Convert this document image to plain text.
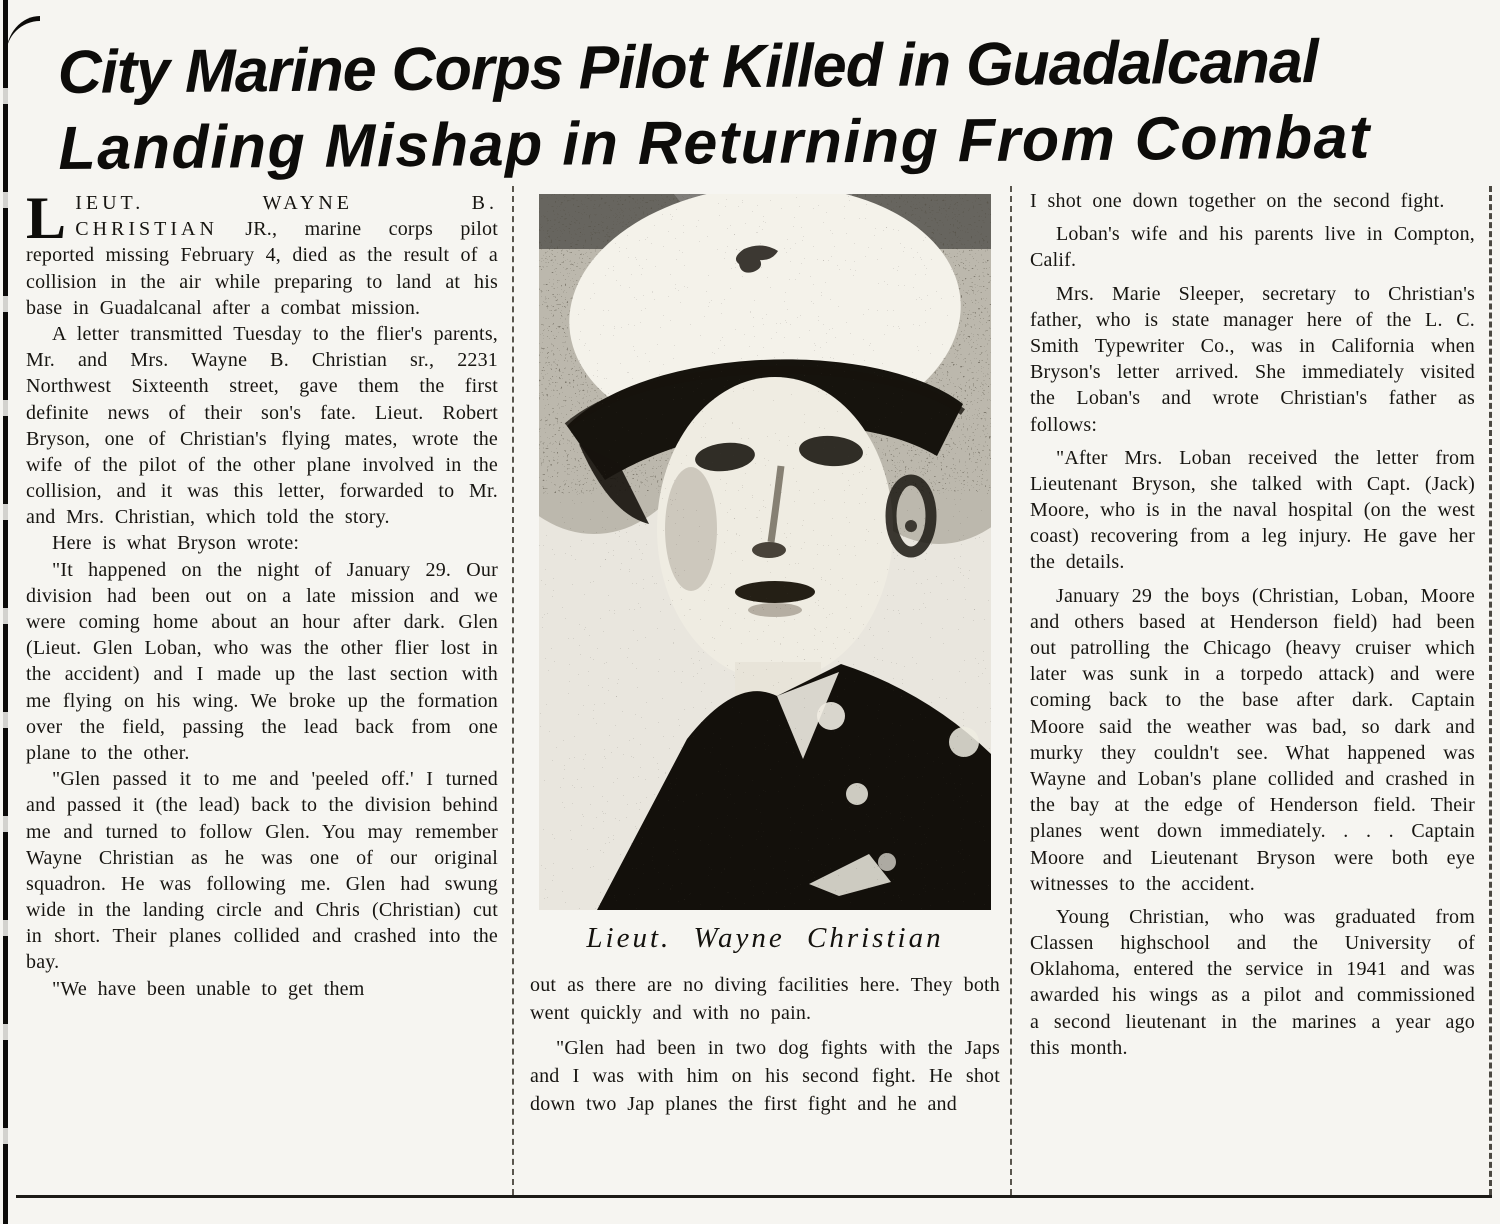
City Marine Corps Pilot Killed in Guadalcanal
Landing Mishap in Returning From Combat

LIEUT. WAYNE B. CHRISTIAN JR., marine corps pilot reported missing February 4, died as the result of a collision in the air while preparing to land at his base in Guadalcanal after a combat mission.

A letter transmitted Tuesday to the flier's parents, Mr. and Mrs. Wayne B. Christian sr., 2231 Northwest Sixteenth street, gave them the first definite news of their son's fate. Lieut. Robert Bryson, one of Christian's flying mates, wrote the wife of the pilot of the other plane involved in the collision, and it was this letter, forwarded to Mr. and Mrs. Christian, which told the story.

Here is what Bryson wrote:

"It happened on the night of January 29. Our division had been out on a late mission and we were coming home about an hour after dark. Glen (Lieut. Glen Loban, who was the other flier lost in the accident) and I made up the last section with me flying on his wing. We broke up the formation over the field, passing the lead back from one plane to the other.

"Glen passed it to me and 'peeled off.' I turned and passed it (the lead) back to the division behind me and turned to follow Glen. You may remember Wayne Christian as he was one of our original squadron. He was following me. Glen had swung wide in the landing circle and Chris (Christian) cut in short. Their planes collided and crashed into the bay.

"We have been unable to get them

Lieut. Wayne Christian

out as there are no diving facilities here. They both went quickly and with no pain.

"Glen had been in two dog fights with the Japs and I was with him on his second fight. He shot down two Jap planes the first fight and he and

I shot one down together on the second fight.

Loban's wife and his parents live in Compton, Calif.

Mrs. Marie Sleeper, secretary to Christian's father, who is state manager here of the L. C. Smith Typewriter Co., was in California when Bryson's letter arrived. She immediately visited the Loban's and wrote Christian's father as follows:

"After Mrs. Loban received the letter from Lieutenant Bryson, she talked with Capt. (Jack) Moore, who is in the naval hospital (on the west coast) recovering from a leg injury. He gave her the details.

January 29 the boys (Christian, Loban, Moore and others based at Henderson field) had been out patrolling the Chicago (heavy cruiser which later was sunk in a torpedo attack) and were coming back to the base after dark. Captain Moore said the weather was bad, so dark and murky they couldn't see. What happened was Wayne and Loban's plane collided and crashed in the bay at the edge of Henderson field. Their planes went down immediately. . . . Captain Moore and Lieutenant Bryson were both eye witnesses to the accident.

Young Christian, who was graduated from Classen highschool and the University of Oklahoma, entered the service in 1941 and was awarded his wings as a pilot and commissioned a second lieutenant in the marines a year ago this month.
